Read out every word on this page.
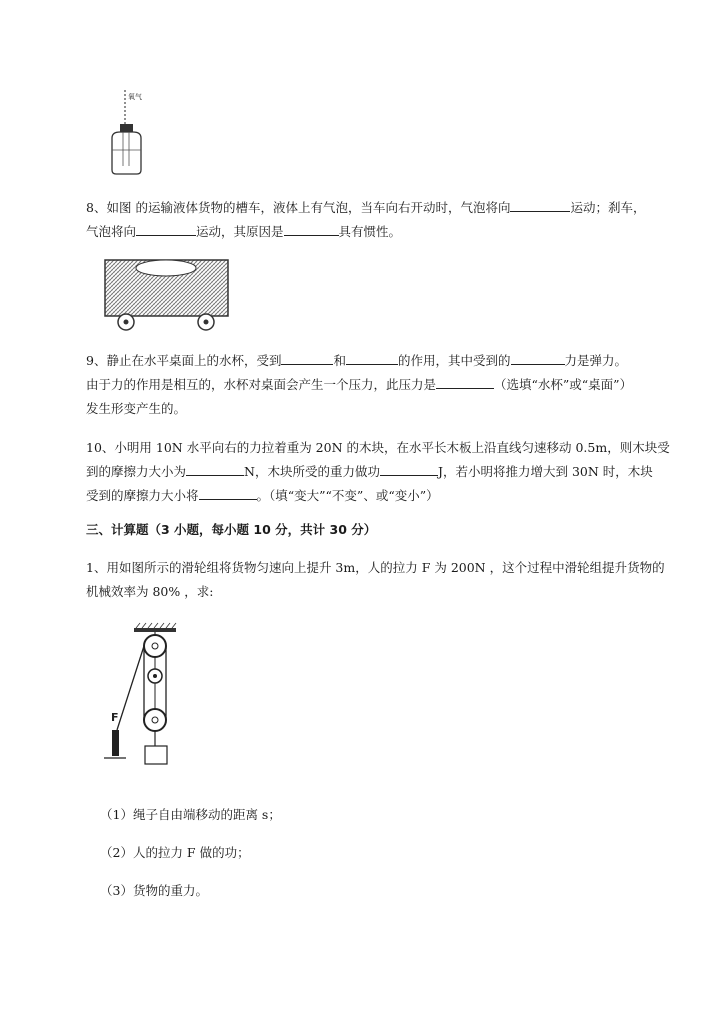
氧气
8、如图 的运输液体货物的槽车，液体上有气泡，当车向右开动时，气泡将向	运动；刹车，
气泡将向	运动，其原因是	具有惯性。
9、静止在水平桌面上的水杯，受到	和	的作用，其中受到的	力是弹力。
由于力的作用是相互的，水杯对桌面会产生一个压力，此压力是	（选填“水杯”或“桌面”）
发生形变产生的。
10、小明用 10N 水平向右的力拉着重为 20N 的木块，在水平长木板上沿直线匀速移动 0.5m，则木块受
到的摩擦力大小为	N，木块所受的重力做功	J，若小明将推力增大到 30N 时，木块
受到的摩擦力大小将	。（填“变大”“不变”、或“变小”）
三、计算题（3 小题，每小题 10 分，共计 30 分）
1、用如图所示的滑轮组将货物匀速向上提升 3m，人的拉力 F 为 200N ，这个过程中滑轮组提升货物的
机械效率为 80% ，求:
F
（1）绳子自由端移动的距离 s；
（2）人的拉力 F 做的功；
（3）货物的重力。
